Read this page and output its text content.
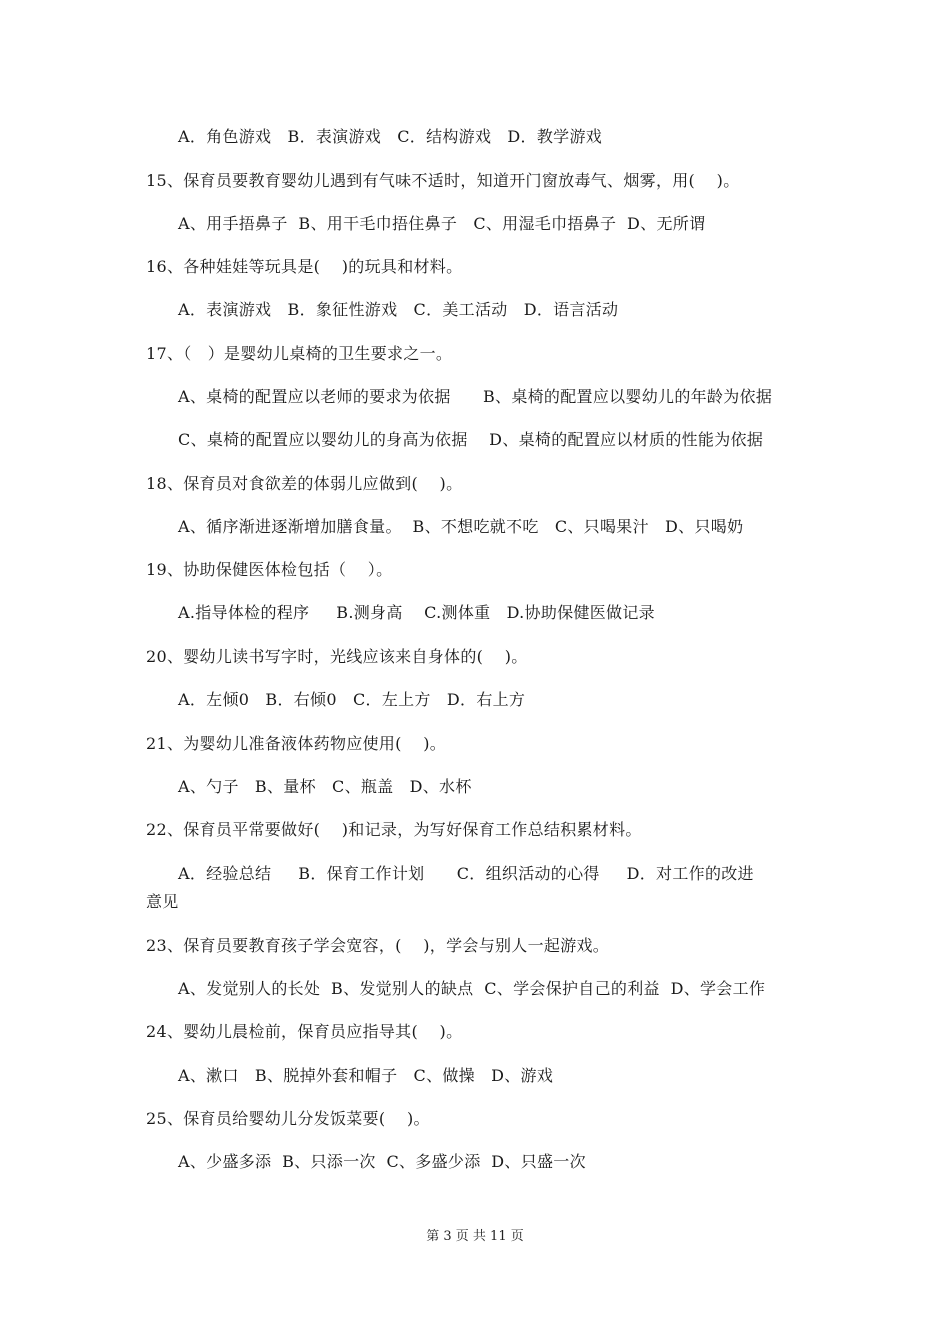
A．角色游戏   B．表演游戏   C．结构游戏   D．教学游戏
15、保育员要教育婴幼儿遇到有气味不适时，知道开门窗放毒气、烟雾，用(    )。
A、用手捂鼻子  B、用干毛巾捂住鼻子   C、用湿毛巾捂鼻子  D、无所谓
16、各种娃娃等玩具是(    )的玩具和材料。
A．表演游戏   B．象征性游戏   C．美工活动   D．语言活动
17、（   ）是婴幼儿桌椅的卫生要求之一。
A、桌椅的配置应以老师的要求为依据      B、桌椅的配置应以婴幼儿的年龄为依据
C、桌椅的配置应以婴幼儿的身高为依据    D、桌椅的配置应以材质的性能为依据
18、保育员对食欲差的体弱儿应做到(    )。
A、循序渐进逐渐增加膳食量。  B、不想吃就不吃   C、只喝果汁   D、只喝奶
19、协助保健医体检包括（    ）。
A.指导体检的程序     B.测身高    C.测体重   D.协助保健医做记录
20、婴幼儿读书写字时，光线应该来自身体的(    )。
A．左倾0   B．右倾0   C．左上方   D．右上方
21、为婴幼儿准备液体药物应使用(    )。
A、勺子   B、量杯   C、瓶盖   D、水杯
22、保育员平常要做好(    )和记录，为写好保育工作总结积累材料。
A．经验总结     B．保育工作计划      C．组织活动的心得     D．对工作的改进
意见
23、保育员要教育孩子学会宽容，(    )，学会与别人一起游戏。
A、发觉别人的长处  B、发觉别人的缺点  C、学会保护自己的利益  D、学会工作
24、婴幼儿晨检前，保育员应指导其(    )。
A、漱口   B、脱掉外套和帽子   C、做操   D、游戏
25、保育员给婴幼儿分发饭菜要(    )。
A、少盛多添  B、只添一次  C、多盛少添  D、只盛一次
第 3 页 共 11 页
